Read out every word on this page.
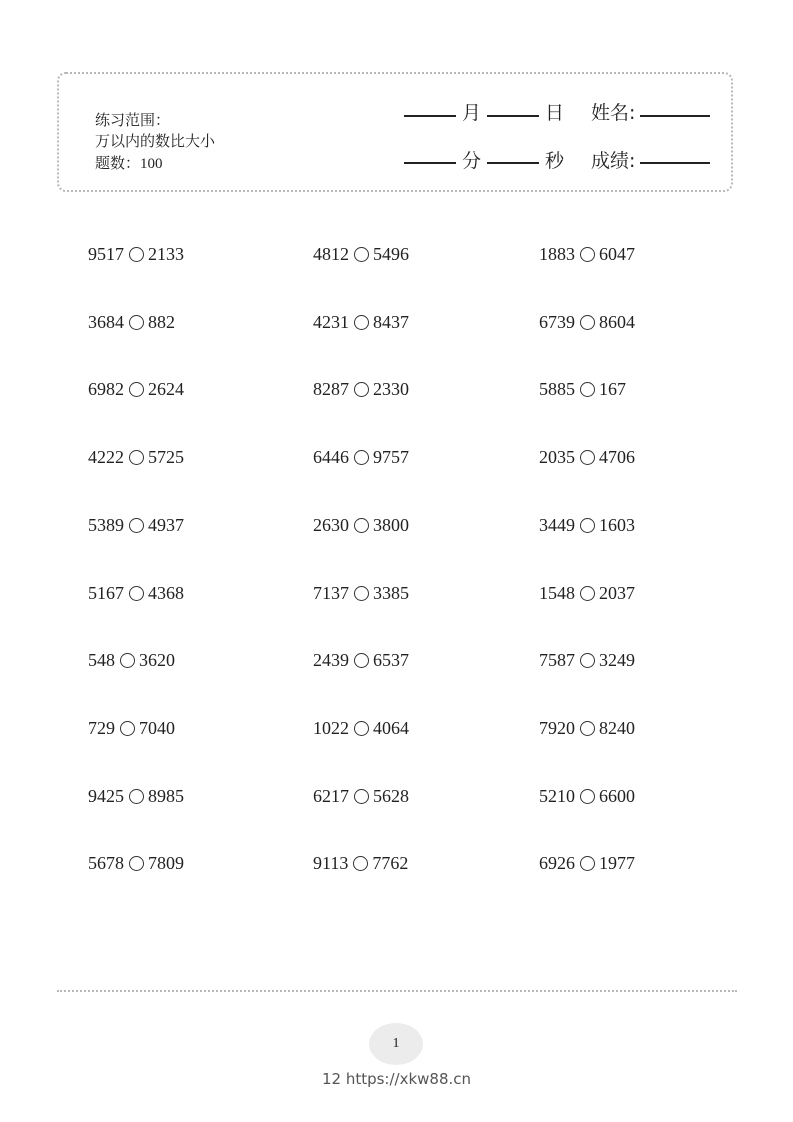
练习范围：
万以内的数比大小
题数：100
月	日 姓名:
分	秒 成绩:
9517 2133	4812 5496	1883 6047
3684 882	4231 8437	6739 8604
6982 2624	8287 2330	5885 167
4222 5725	6446 9757	2035 4706
5389 4937	2630 3800	3449 1603
5167 4368	7137 3385	1548 2037
548 3620	2439 6537	7587 3249
729 7040	1022 4064	7920 8240
9425 8985	6217 5628	5210 6600
5678 7809	9113 7762	6926 1977
1
12 https://xkw88.cn
